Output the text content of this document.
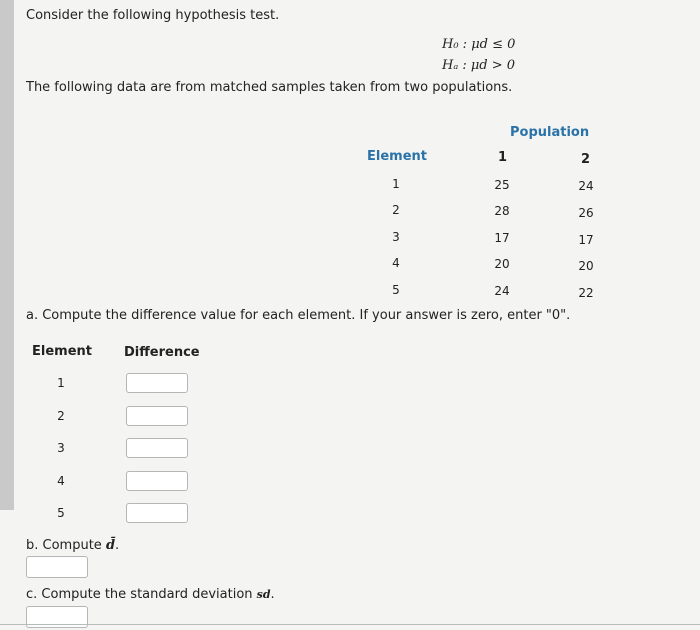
Consider the following hypothesis test.
H₀ : μd ≤ 0
Hₐ : μd > 0
The following data are from matched samples taken from two populations.
Population
Element	1	2
1	25	24
2	28	26
3	17	17
4	20	20
5	24	22
a. Compute the difference value for each element. If your answer is zero, enter "0".
Element Difference
1
2
3
4
5
b. Compute d̄.
c. Compute the standard deviation sd.
